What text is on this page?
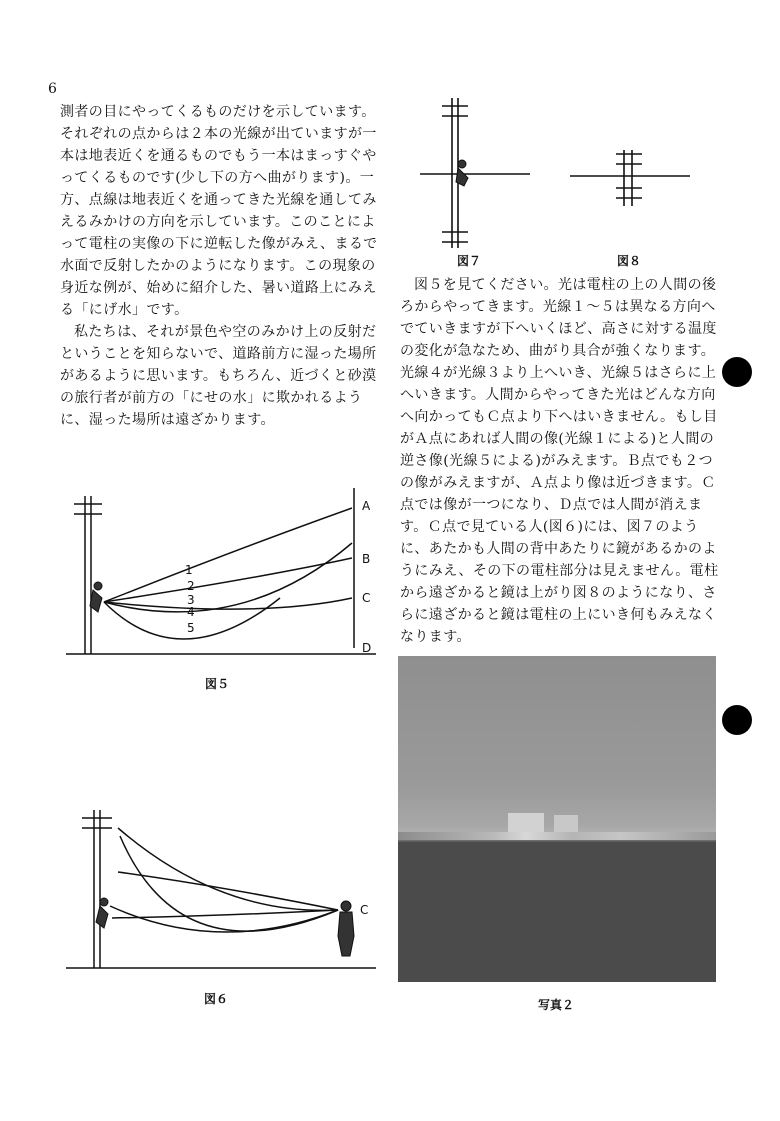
6

測者の目にやってくるものだけを示しています。それぞれの点からは２本の光線が出ていますが一本は地表近くを通るものでもう一本はまっすぐやってくるものです(少し下の方へ曲がります)。一方、点線は地表近くを通ってきた光線を通してみえるみかけの方向を示しています。このことによって電柱の実像の下に逆転した像がみえ、まるで水面で反射したかのようになります。この現象の身近な例が、始めに紹介した、暑い道路上にみえる「にげ水」です。

私たちは、それが景色や空のみかけ上の反射だということを知らないで、道路前方に湿った場所があるように思います。もちろん、近づくと砂漠の旅行者が前方の「にせの水」に欺かれるように、湿った場所は遠ざかります。

図７	図８

図５を見てください。光は電柱の上の人間の後ろからやってきます。光線１～５は異なる方向へでていきますが下へいくほど、高さに対する温度の変化が急なため、曲がり具合が強くなります。光線４が光線３より上へいき、光線５はさらに上へいきます。人間からやってきた光はどんな方向へ向かってもＣ点より下へはいきません。もし目がＡ点にあれば人間の像(光線１による)と人間の逆さ像(光線５による)がみえます。Ｂ点でも２つの像がみえますが、Ａ点より像は近づきます。Ｃ点では像が一つになり、Ｄ点では人間が消えます。Ｃ点で見ている人(図６)には、図７のように、あたかも人間の背中あたりに鏡があるかのようにみえ、その下の電柱部分は見えません。電柱から遠ざかると鏡は上がり図８のようになり、さらに遠ざかると鏡は電柱の上にいき何もみえなくなります。

A
B
C
D
1
2
3
4
5
図５
C
図６	写真２
